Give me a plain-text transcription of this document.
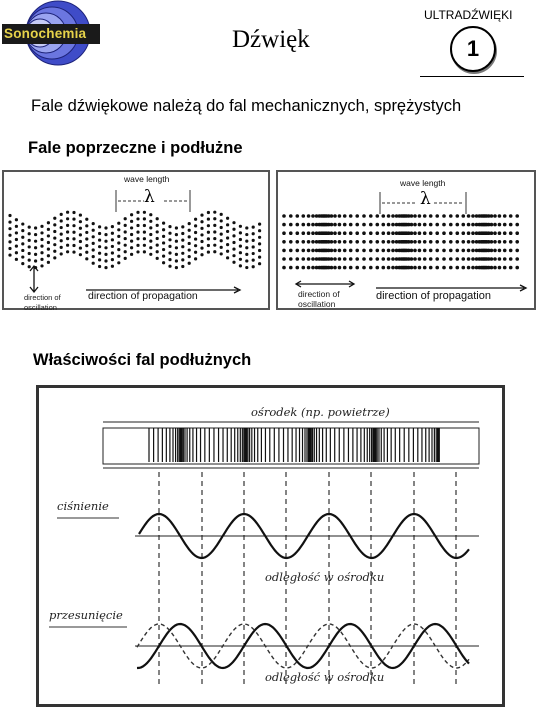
Sonochemia	Dźwięk
ULTRADŹWIĘKI
1
Fale dźwiękowe należą do fal mechanicznych, sprężystych
Fale poprzeczne i podłużne
wave length
λ
direction of
oscillation
direction of propagation
wave length
λ
direction of
oscillation
direction of propagation
Właściwości fal podłużnych
ośrodek (np. powietrze)
ciśnienie
odległość w ośrodku
przesunięcie
odległość w ośrodku
